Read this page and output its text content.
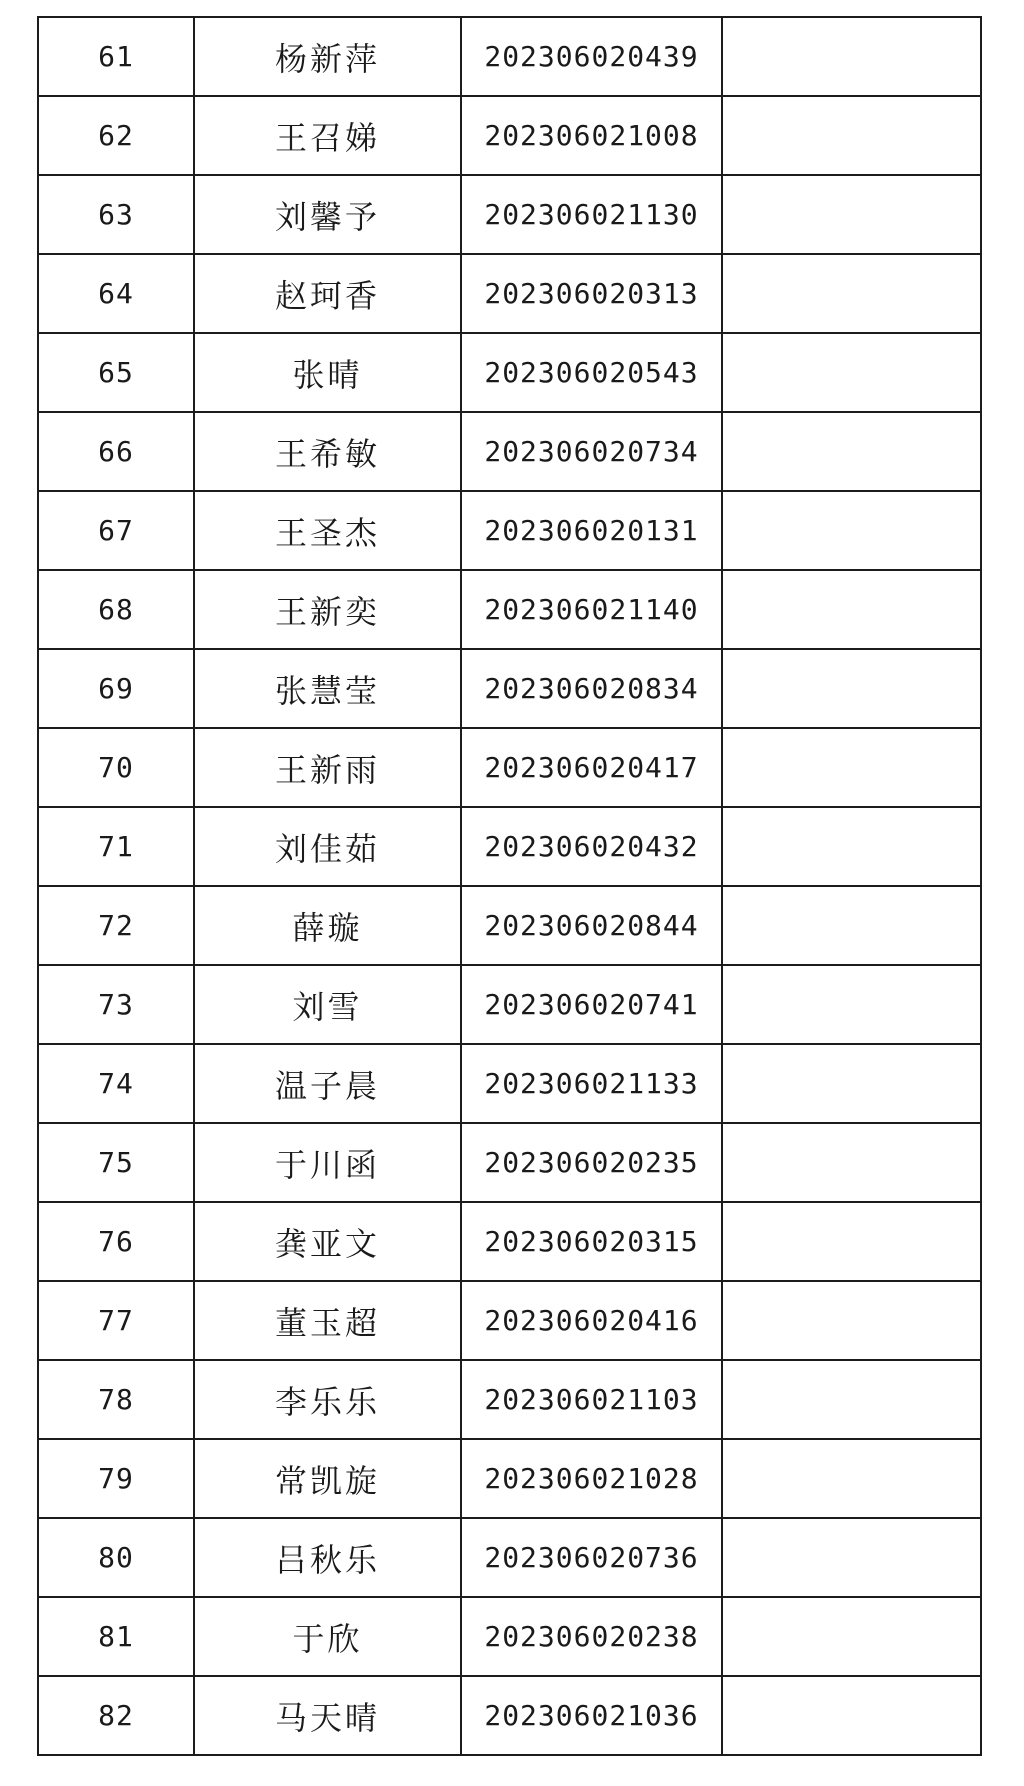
61	杨新萍	202306020439	
62	王召娣	202306021008	
63	刘馨予	202306021130	
64	赵珂香	202306020313	
65	张晴	202306020543	
66	王希敏	202306020734	
67	王圣杰	202306020131	
68	王新奕	202306021140	
69	张慧莹	202306020834	
70	王新雨	202306020417	
71	刘佳茹	202306020432	
72	薛璇	202306020844	
73	刘雪	202306020741	
74	温子晨	202306021133	
75	于川函	202306020235	
76	龚亚文	202306020315	
77	董玉超	202306020416	
78	李乐乐	202306021103	
79	常凯旋	202306021028	
80	吕秋乐	202306020736	
81	于欣	202306020238	
82	马天晴	202306021036	
